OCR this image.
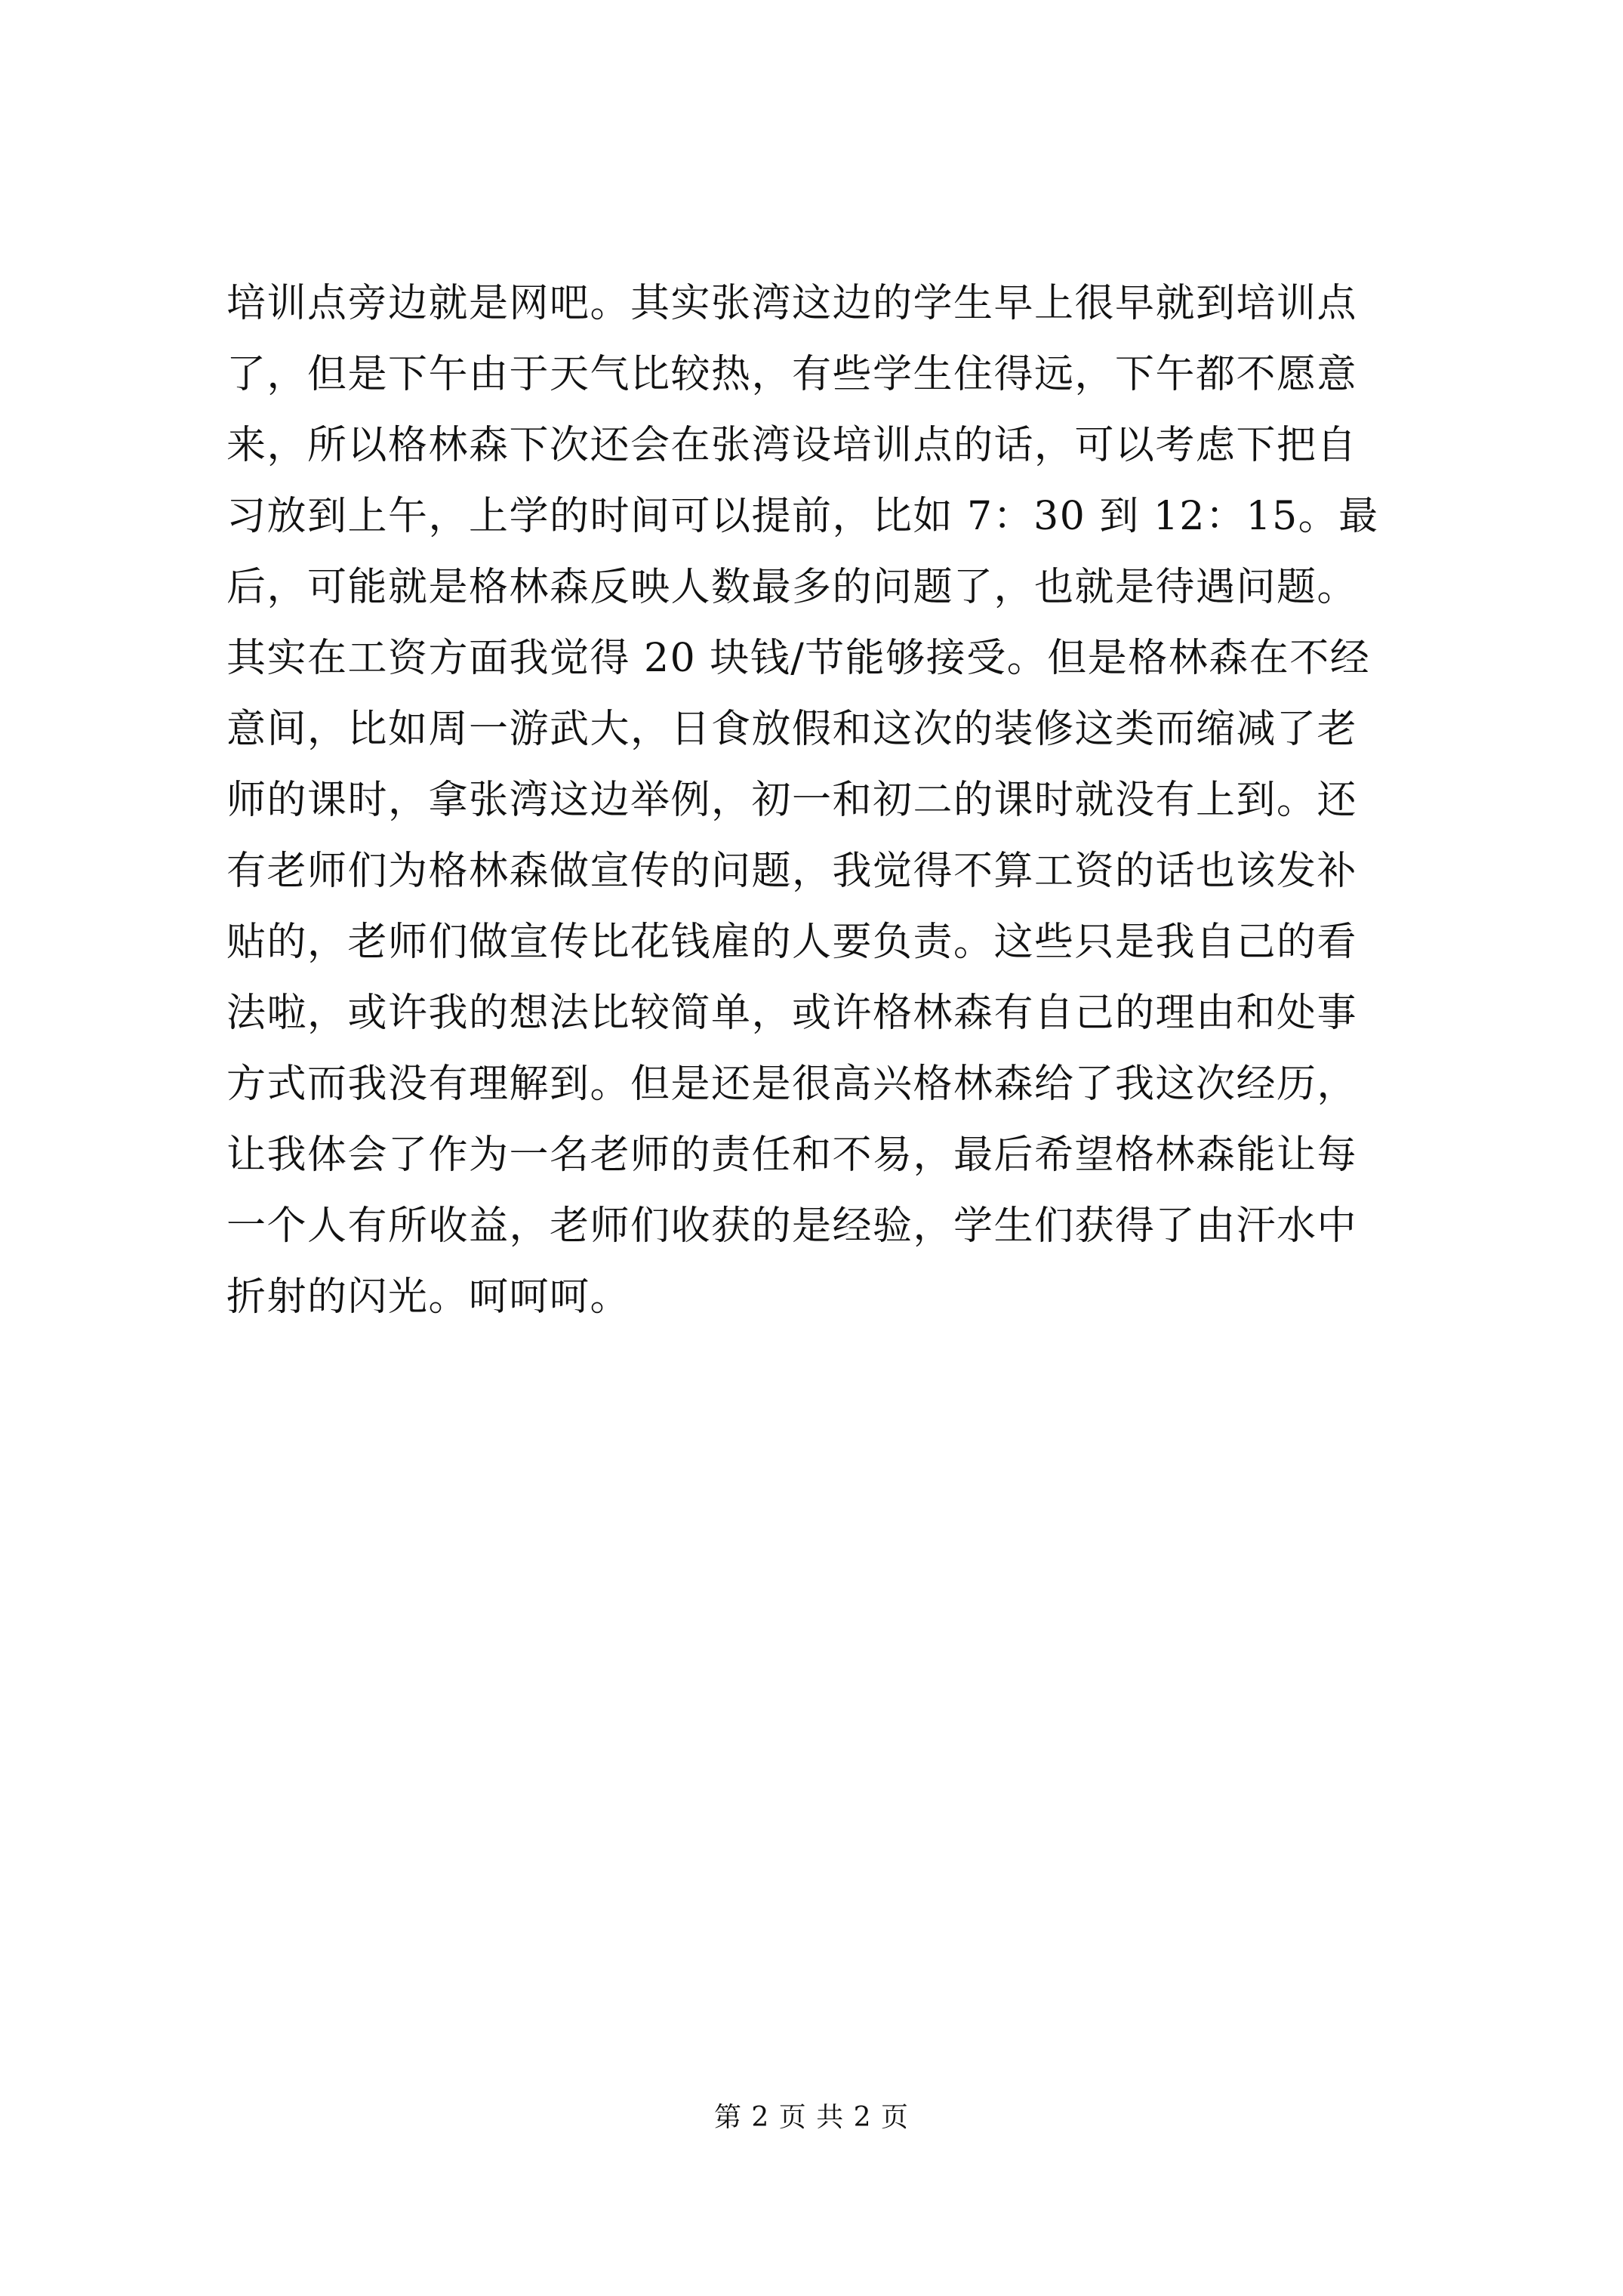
培训点旁边就是网吧。其实张湾这边的学生早上很早就到培训点
了，但是下午由于天气比较热，有些学生住得远，下午都不愿意
来，所以格林森下次还会在张湾设培训点的话，可以考虑下把自
习放到上午，上学的时间可以提前，比如 7：30 到 12：15。最
后，可能就是格林森反映人数最多的问题了，也就是待遇问题。
其实在工资方面我觉得 20 块钱/节能够接受。但是格林森在不经
意间，比如周一游武大，日食放假和这次的装修这类而缩减了老
师的课时，拿张湾这边举例，初一和初二的课时就没有上到。还
有老师们为格林森做宣传的问题，我觉得不算工资的话也该发补
贴的，老师们做宣传比花钱雇的人要负责。这些只是我自己的看
法啦，或许我的想法比较简单，或许格林森有自己的理由和处事
方式而我没有理解到。但是还是很高兴格林森给了我这次经历，
让我体会了作为一名老师的责任和不易，最后希望格林森能让每
一个人有所收益，老师们收获的是经验，学生们获得了由汗水中
折射的闪光。呵呵呵。
第 2 页 共 2 页
